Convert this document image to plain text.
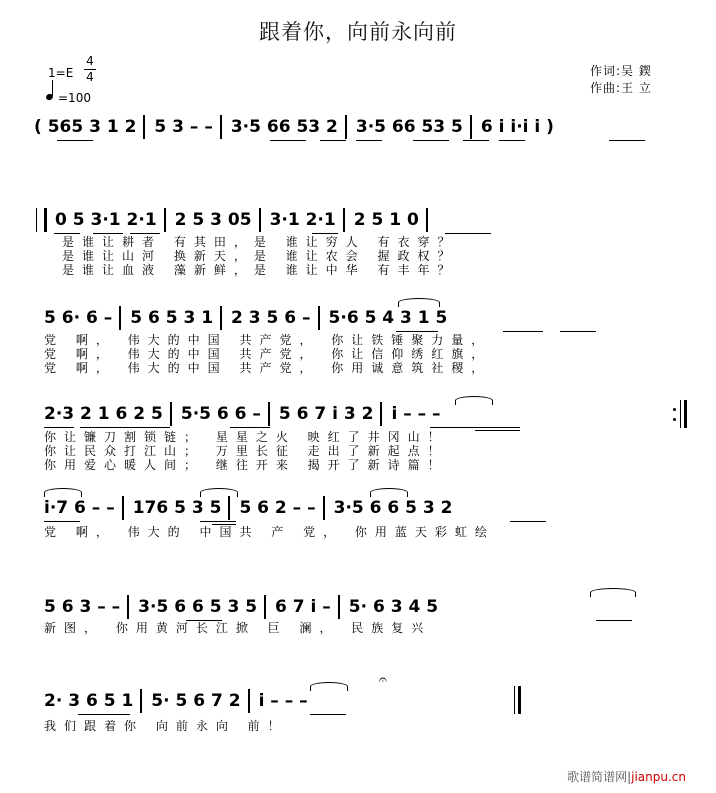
跟着你，向前永向前
1=E
4
4
=100
作词:吴 鍥
作曲:王 立
( 565 3 1 2 5 3 – – 3·5 66 53 2 3·5 66 53 5 6 i i·i i )
0 5 3·1 2·1 2 5 3 05 3·1 2·1 2 5 1 0
是谁让耕者 有其田，是 谁让穷人 有衣穿？
是谁让山河 换新天，是 谁让农会 握政权？
是谁让血液 藻新鲜，是 谁让中华 有丰年？
5 6· 6 – 5 6 5 3 1 2 3 5 6 – 5·6 5 4 3 1 5
党 啊， 伟大的中国 共产党， 你让铁锤聚力量，
党 啊， 伟大的中国 共产党， 你让信仰绣红旗，
党 啊， 伟大的中国 共产党， 你用诚意筑社稷，
2·3 2 1 6 2 5 5·5 6 6 – 5 6 7 i 3 2 i – – –
你让镰刀割锁链； 星星之火 映红了井冈山！
你让民众打江山； 万里长征 走出了新起点！
你用爱心暖人间； 继往开来 揭开了新诗篇！
i·7 6 – – 176 5 3 5 5 6 2 – – 3·5 6 6 5 3 2
党 啊， 伟大的 中国共 产 党， 你用蓝天彩虹绘
5 6 3 – – 3·5 6 6 5 3 5 6 7 i – 5· 6 3 4 5
新图， 你用黄河长江掀 巨 澜， 民族复兴
2· 3 6 5 1 5· 5 6 7 2 i – – –
𝄐
我们跟着你 向前永向 前！
歌谱简谱网|jianpu.cn
